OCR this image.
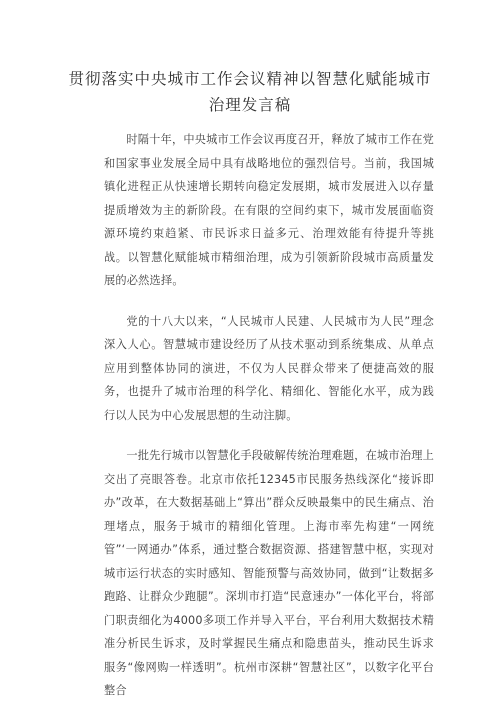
贯彻落实中央城市工作会议精神以智慧化赋能城市
治理发言稿

时隔十年，中央城市工作会议再度召开，释放了城市工作在党和国家事业发展全局中具有战略地位的强烈信号。当前，我国城镇化进程正从快速增长期转向稳定发展期，城市发展进入以存量提质增效为主的新阶段。在有限的空间约束下，城市发展面临资源环境约束趋紧、市民诉求日益多元、治理效能有待提升等挑战。以智慧化赋能城市精细治理，成为引领新阶段城市高质量发展的必然选择。

党的十八大以来，“人民城市人民建、人民城市为人民”理念深入人心。智慧城市建设经历了从技术驱动到系统集成、从单点应用到整体协同的演进，不仅为人民群众带来了便捷高效的服务，也提升了城市治理的科学化、精细化、智能化水平，成为践行以人民为中心发展思想的生动注脚。

一批先行城市以智慧化手段破解传统治理难题，在城市治理上交出了亮眼答卷。北京市依托12345市民服务热线深化“接诉即办”改革，在大数据基础上“算出”群众反映最集中的民生痛点、治理堵点，服务于城市的精细化管理。上海市率先构建“一网统管”‘一网通办”体系，通过整合数据资源、搭建智慧中枢，实现对城市运行状态的实时感知、智能预警与高效协同，做到“让数据多跑路、让群众少跑腿”。深圳市打造“民意速办”一体化平台，将部门职责细化为4000多项工作并导入平台，平台利用大数据技术精准分析民生诉求，及时掌握民生痛点和隐患苗头，推动民生诉求服务“像网购一样透明”。杭州市深耕“智慧社区”，以数字化平台整合
